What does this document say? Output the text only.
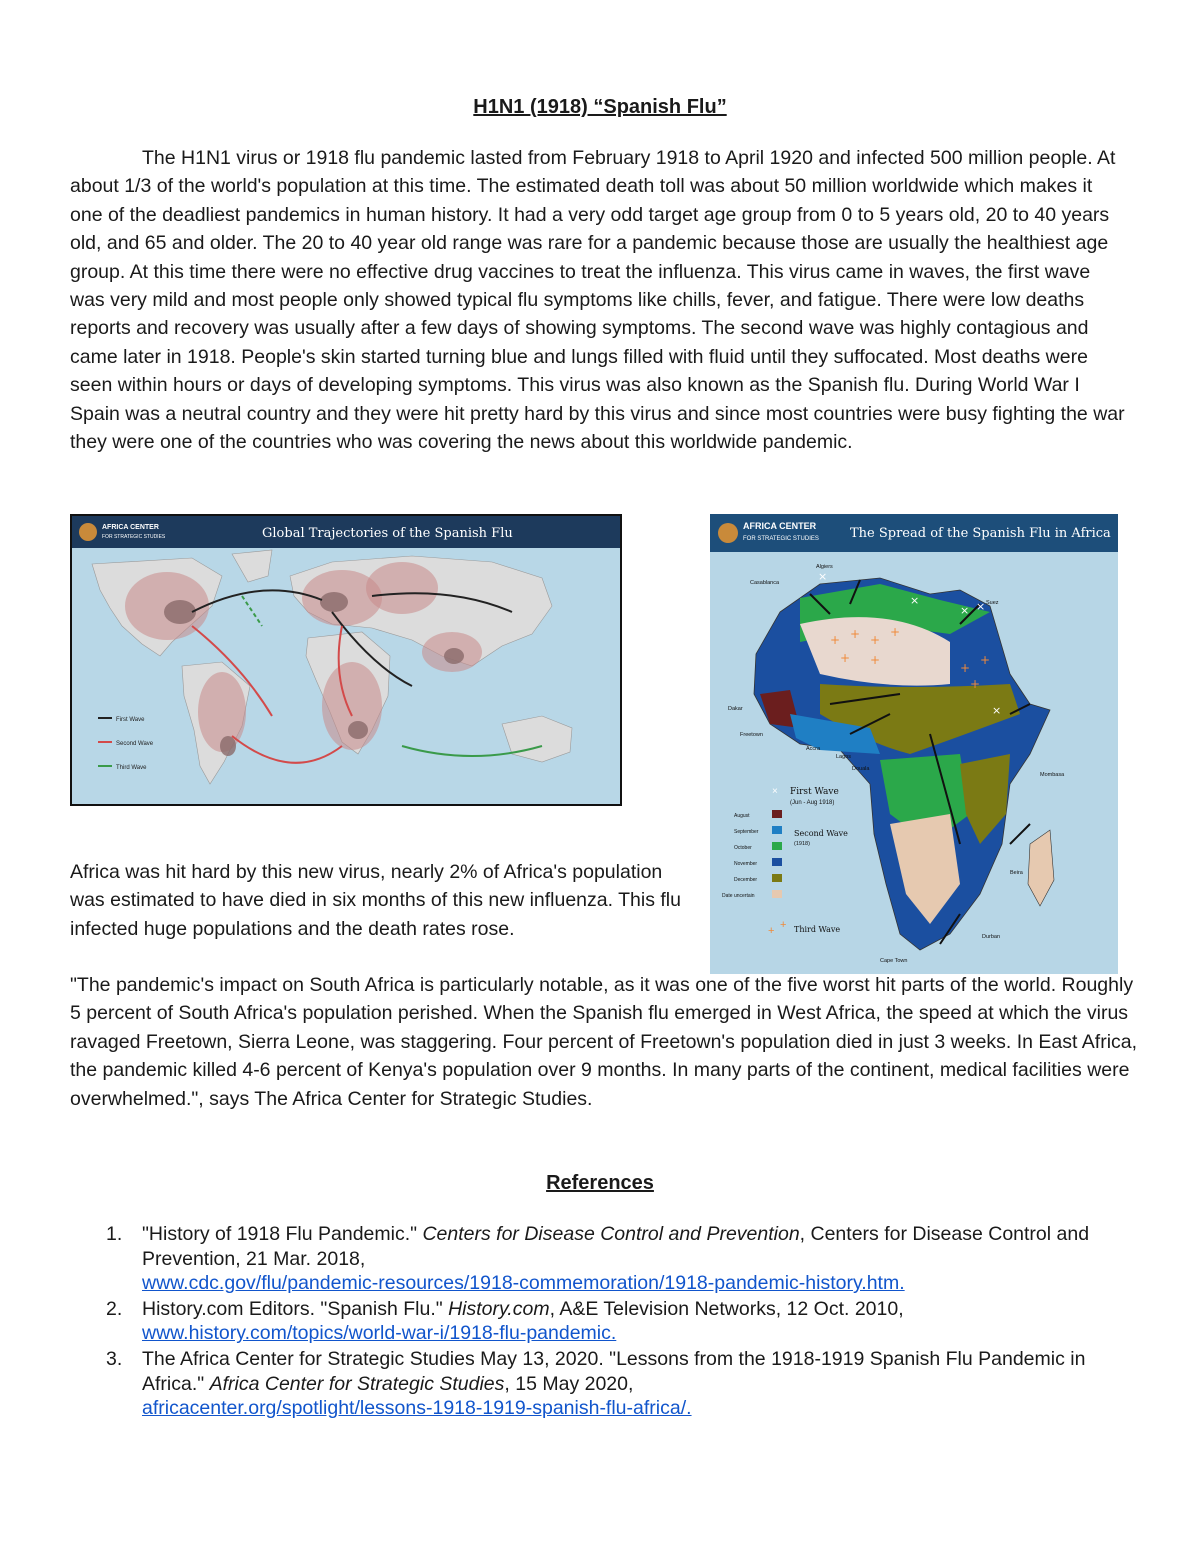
H1N1 (1918) “Spanish Flu”

The H1N1 virus or 1918 flu pandemic lasted from February 1918 to April 1920 and infected 500 million people. At about 1/3 of the world's population at this time. The estimated death toll was about 50 million worldwide which makes it one of the deadliest pandemics in human history. It had a very odd target age group from 0 to 5 years old, 20 to 40 years old, and 65 and older. The 20 to 40 year old range was rare for a pandemic because those are usually the healthiest age group. At this time there were no effective drug vaccines to treat the influenza. This virus came in waves, the first wave was very mild and most people only showed typical flu symptoms like chills, fever, and fatigue. There were low deaths reports and recovery was usually after a few days of showing symptoms. The second wave was highly contagious and came later in 1918. People's skin started turning blue and lungs filled with fluid until they suffocated. Most deaths were seen within hours or days of developing symptoms. This virus was also known as the Spanish flu. During World War I Spain was a neutral country and they were hit pretty hard by this virus and since most countries were busy fighting the war they were one of the countries who was covering the news about this worldwide pandemic.

AFRICA CENTER
FOR STRATEGIC STUDIES	Global Trajectories of the Spanish Flu
First Wave
Second Wave
Third Wave
AFRICA CENTER
FOR STRATEGIC STUDIES The Spread of the Spanish Flu in Africa
+ + +
+
+ +
+
+
+
×
× ×
×
×
Algiers
Casablanca
Suez
Dakar
Freetown
Accra
Lagos
Douala
Mombasa
Beira
Durban
Cape Town
× First Wave
(Jun - Aug 1918)
August
September
October
November
December
Date uncertain
Second Wave
(1918)
+ + Third Wave

Africa was hit hard by this new virus, nearly 2% of Africa's population was estimated to have died in six months of this new influenza. This flu infected huge populations and the death rates rose.

"The pandemic's impact on South Africa is particularly notable, as it was one of the five worst hit parts of the world. Roughly 5 percent of South Africa's population perished. When the Spanish flu emerged in West Africa, the speed at which the virus ravaged Freetown, Sierra Leone, was staggering. Four percent of Freetown's population died in just 3 weeks. In East Africa, the pandemic killed 4-6 percent of Kenya's population over 9 months. In many parts of the continent, medical facilities were overwhelmed.", says The Africa Center for Strategic Studies.

References
1. "History of 1918 Flu Pandemic." Centers for Disease Control and Prevention, Centers for Disease Control and Prevention, 21 Mar. 2018,
www.cdc.gov/flu/pandemic-resources/1918-commemoration/1918-pandemic-history.htm.
2. History.com Editors. "Spanish Flu." History.com, A&E Television Networks, 12 Oct. 2010,
www.history.com/topics/world-war-i/1918-flu-pandemic.
3. The Africa Center for Strategic Studies May 13, 2020. "Lessons from the 1918-1919 Spanish Flu Pandemic in Africa." Africa Center for Strategic Studies, 15 May 2020,
africacenter.org/spotlight/lessons-1918-1919-spanish-flu-africa/.
